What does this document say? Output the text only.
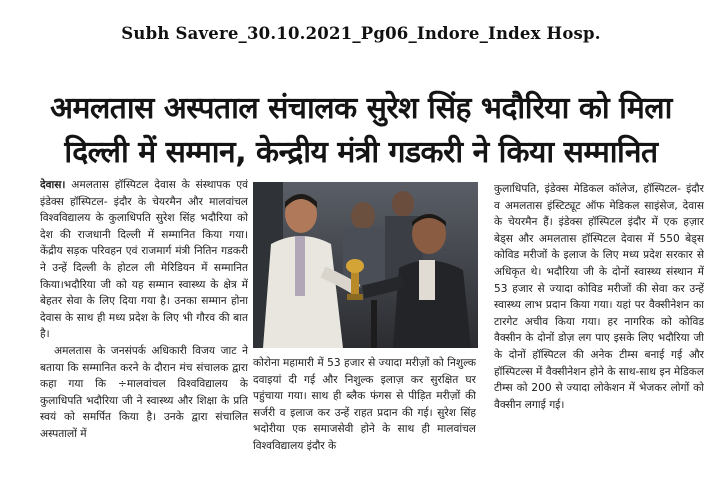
Subh Savere_30.10.2021_Pg06_Indore_Index Hosp.
अमलतास अस्पताल संचालक सुरेश सिंह भदौरिया को मिला
दिल्ली में सम्मान, केन्द्रीय मंत्री गडकरी ने किया सम्मानित

देवास। अमलतास हॉस्पिटल देवास के संस्थापक एवं इंडेक्स हॉस्पिटल- इंदौर के चेयरमैन और मालवांचल विश्वविद्यालय के कुलाधिपति सुरेश सिंह भदौरिया को देश की राजधानी दिल्ली में सम्मानित किया गया। केंद्रीय सड़क परिवहन एवं राजमार्ग मंत्री नितिन गडकरी ने उन्हें दिल्ली के होटल ली मेरिडियन में सम्मानित किया।भदौरिया जी को यह सम्मान स्वास्थ्य के क्षेत्र में बेहतर सेवा के लिए दिया गया है। उनका सम्मान होना देवास के साथ ही मध्य प्रदेश के लिए भी गौरव की बात है।

अमलतास के जनसंपर्क अधिकारी विजय जाट ने बताया कि सम्मानित करने के दौरान मंच संचालक द्वारा कहा गया कि ÷मालवांचल विश्वविद्यालय के कुलाधिपति भदौरिया जी ने स्वास्थ्य और शिक्षा के प्रति स्वयं को समर्पित किया है। उनके द्वारा संचालित अस्पतालों में

कोरोना महामारी में 53 हजार से ज्यादा मरीज़ों को निशुल्क दवाइयां दी गई और निशुल्क इलाज़ कर सुरक्षित घर पहुंचाया गया। साथ ही ब्लैक फंगस से पीड़ित मरीज़ों की सर्जरी व इलाज कर उन्हें राहत प्रदान की गई। सुरेश सिंह भदोरीया एक समाजसेवी होने के साथ ही मालवांचल विश्वविद्यालय इंदौर के

कुलाधिपति, इंडेक्स मेडिकल कॉलेज, हॉस्पिटल- इंदौर व अमलतास इंस्टिट्यूट ऑफ मेडिकल साइंसेज, देवास के चेयरमैन हैं। इंडेक्स हॉस्पिटल इंदौर में एक हज़ार बेड्स और अमलतास हॉस्पिटल देवास में 550 बेड्स कोविड मरीजों के इलाज के लिए मध्य प्रदेश सरकार से अधिकृत थे। भदौरिया जी के दोनों स्वास्थ्य संस्थान में 53 हजार से ज्यादा कोविड मरीजों की सेवा कर उन्हें स्वास्थ्य लाभ प्रदान किया गया। यहां पर वैक्सीनेशन का टारगेट अचीव किया गया। हर नागरिक को कोविड वैक्सीन के दोनों डोज़ लग पाए इसके लिए भदौरिया जी के दोनों हॉस्पिटल की अनेक टीम्स बनाई गई और हॉस्पिटल्स में वैक्सीनेशन होने के साथ-साथ इन मेडिकल टीम्स को 200 से ज्यादा लोकेशन में भेजकर लोगों को वैक्सीन लगाई गई।
